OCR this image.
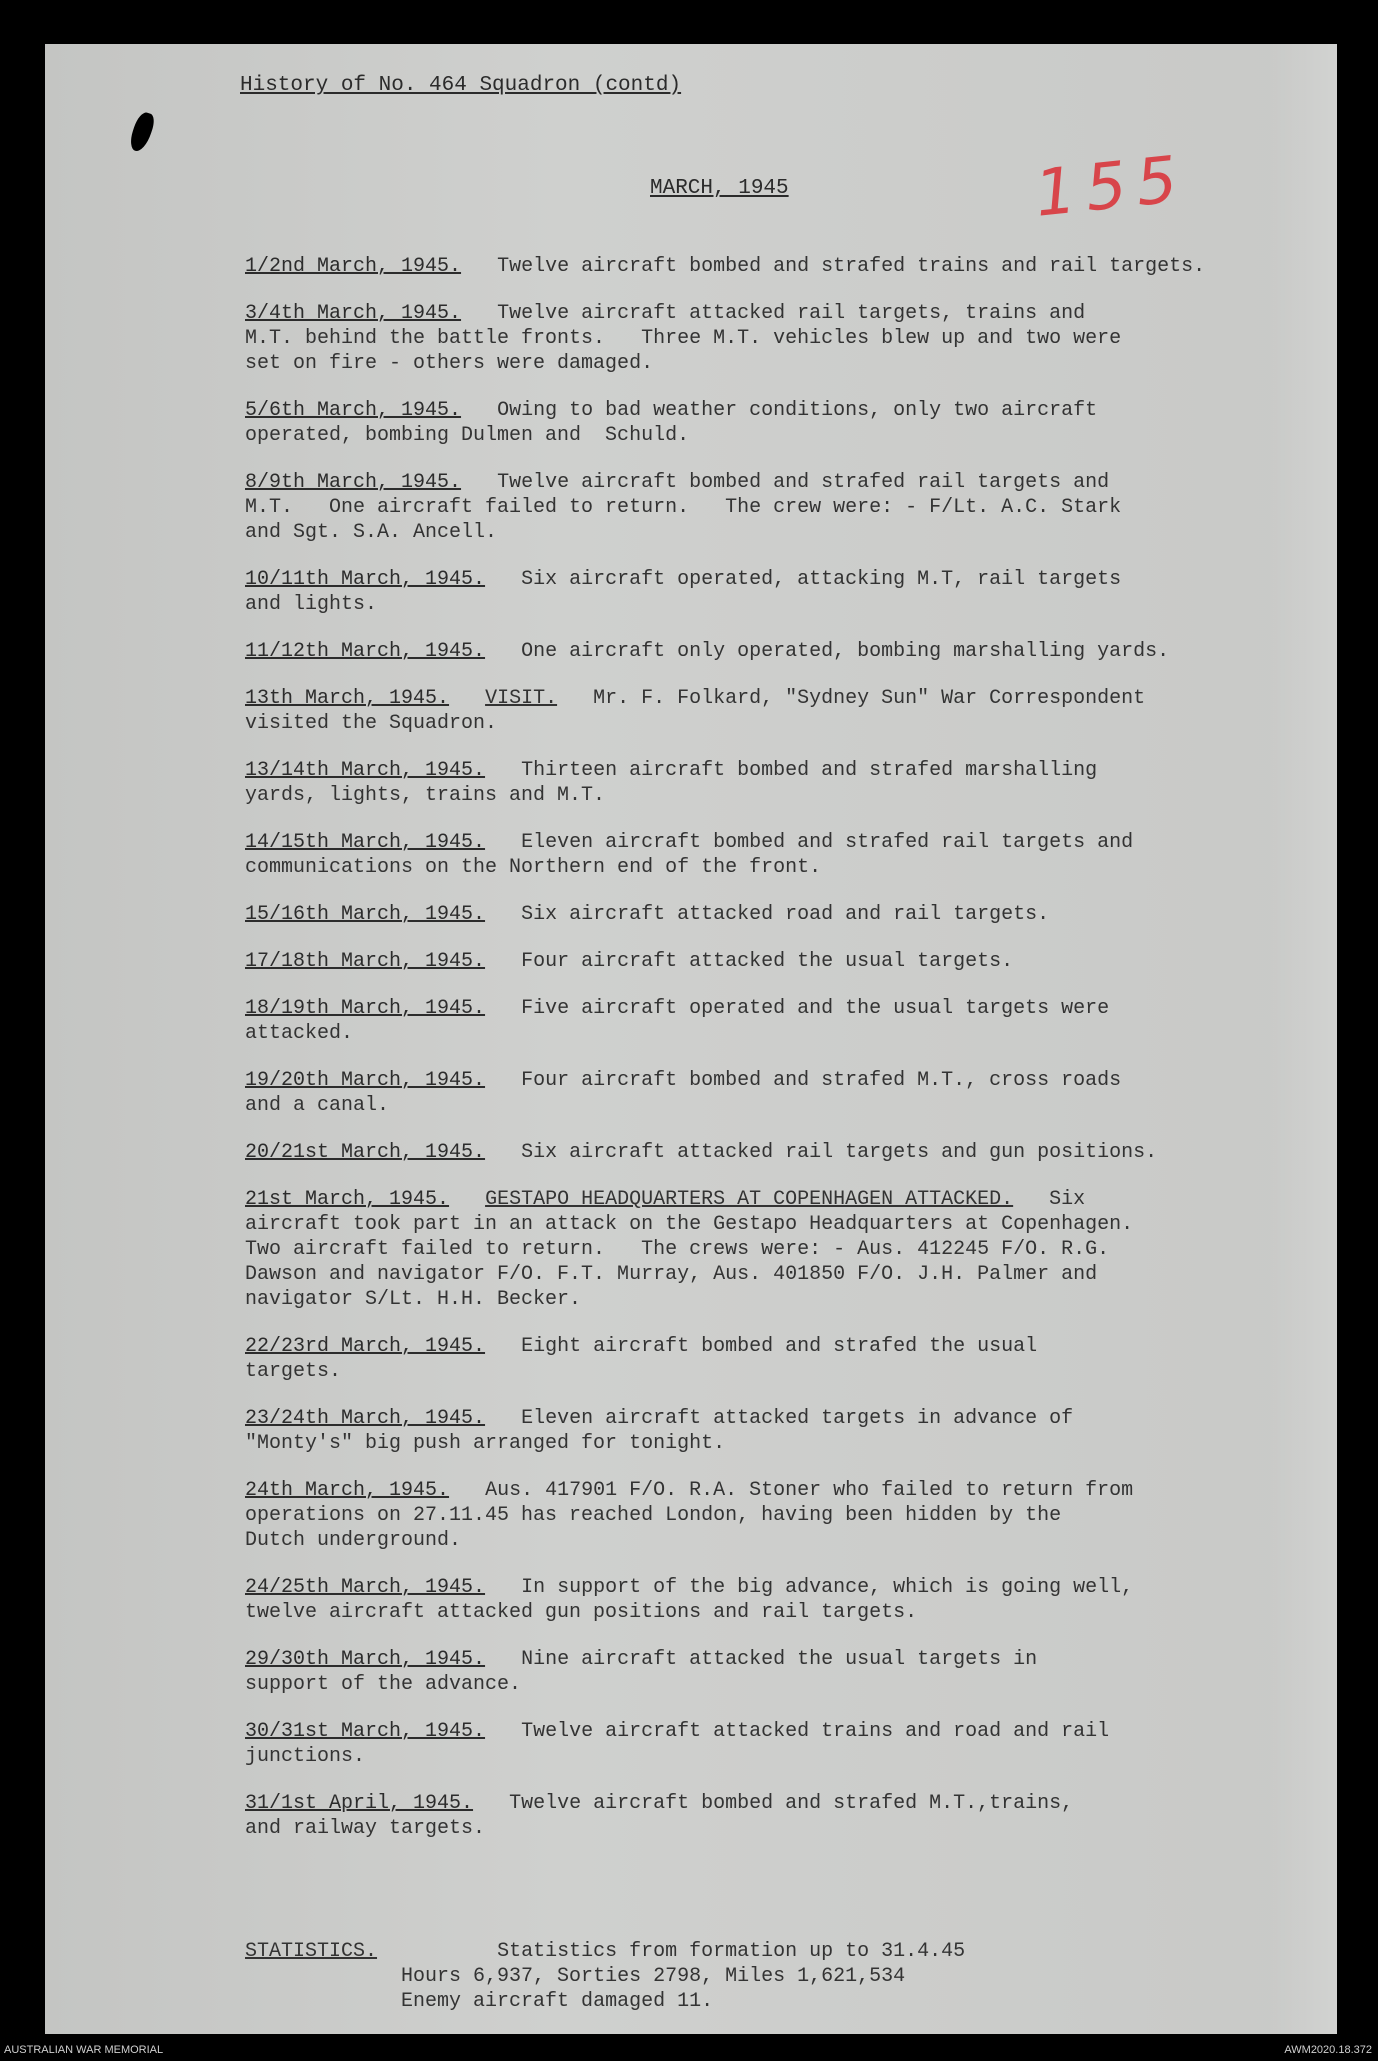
History of No. 464 Squadron (contd)
MARCH, 1945	155
1/2nd March, 1945. Twelve aircraft bombed and strafed trains and rail targets.
3/4th March, 1945. Twelve aircraft attacked rail targets, trains and
M.T. behind the battle fronts.   Three M.T. vehicles blew up and two were
set on fire - others were damaged.
5/6th March, 1945. Owing to bad weather conditions, only two aircraft
operated, bombing Dulmen and  Schuld.
8/9th March, 1945. Twelve aircraft bombed and strafed rail targets and
M.T.   One aircraft failed to return.   The crew were: - F/Lt. A.C. Stark
and Sgt. S.A. Ancell.
10/11th March, 1945. Six aircraft operated, attacking M.T, rail targets
and lights.
11/12th March, 1945. One aircraft only operated, bombing marshalling yards.
13th March, 1945. VISIT. Mr. F. Folkard, "Sydney Sun" War Correspondent
visited the Squadron.
13/14th March, 1945. Thirteen aircraft bombed and strafed marshalling
yards, lights, trains and M.T.
14/15th March, 1945. Eleven aircraft bombed and strafed rail targets and
communications on the Northern end of the front.
15/16th March, 1945. Six aircraft attacked road and rail targets.
17/18th March, 1945. Four aircraft attacked the usual targets.
18/19th March, 1945. Five aircraft operated and the usual targets were
attacked.
19/20th March, 1945. Four aircraft bombed and strafed M.T., cross roads
and a canal.
20/21st March, 1945. Six aircraft attacked rail targets and gun positions.
21st March, 1945. GESTAPO HEADQUARTERS AT COPENHAGEN ATTACKED. Six
aircraft took part in an attack on the Gestapo Headquarters at Copenhagen.
Two aircraft failed to return.   The crews were: - Aus. 412245 F/O. R.G.
Dawson and navigator F/O. F.T. Murray, Aus. 401850 F/O. J.H. Palmer and
navigator S/Lt. H.H. Becker.
22/23rd March, 1945. Eight aircraft bombed and strafed the usual
targets.
23/24th March, 1945. Eleven aircraft attacked targets in advance of
"Monty's" big push arranged for tonight.
24th March, 1945. Aus. 417901 F/O. R.A. Stoner who failed to return from
operations on 27.11.45 has reached London, having been hidden by the
Dutch underground.
24/25th March, 1945. In support of the big advance, which is going well,
twelve aircraft attacked gun positions and rail targets.
29/30th March, 1945. Nine aircraft attacked the usual targets in
support of the advance.
30/31st March, 1945. Twelve aircraft attacked trains and road and rail
junctions.
31/1st April, 1945. Twelve aircraft bombed and strafed M.T.,trains,
and railway targets.
STATISTICS.	Statistics from formation up to 31.4.45
Hours 6,937, Sorties 2798, Miles 1,621,534
Enemy aircraft damaged 11.
AUSTRALIAN WAR MEMORIAL	AWM2020.18.372
